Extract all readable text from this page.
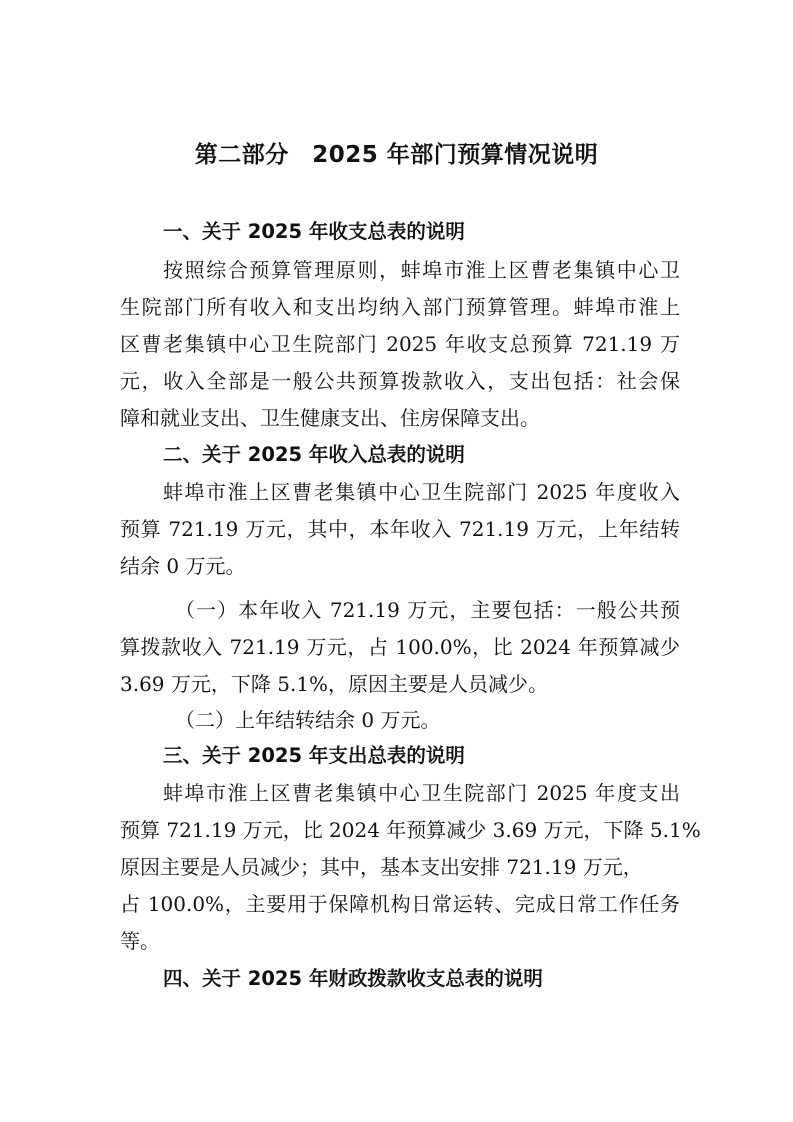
第二部分　2025 年部门预算情况说明
一、关于 2025 年收支总表的说明
按照综合预算管理原则，蚌埠市淮上区曹老集镇中心卫
生院部门所有收入和支出均纳入部门预算管理。蚌埠市淮上
区曹老集镇中心卫生院部门 2025 年收支总预算 721.19 万
元，收入全部是一般公共预算拨款收入，支出包括：社会保
障和就业支出、卫生健康支出、住房保障支出。
二、关于 2025 年收入总表的说明
蚌埠市淮上区曹老集镇中心卫生院部门 2025 年度收入
预算 721.19 万元，其中，本年收入 721.19 万元，上年结转
结余 0 万元。
（一）本年收入 721.19 万元，主要包括：一般公共预
算拨款收入 721.19 万元，占 100.0%，比 2024 年预算减少
3.69 万元，下降 5.1%，原因主要是人员减少。
（二）上年结转结余 0 万元。
三、关于 2025 年支出总表的说明
蚌埠市淮上区曹老集镇中心卫生院部门 2025 年度支出
预算 721.19 万元，比 2024 年预算减少 3.69 万元，下降 5.1%
原因主要是人员减少；其中，基本支出安排 721.19 万元，
占 100.0%，主要用于保障机构日常运转、完成日常工作任务
等。
四、关于 2025 年财政拨款收支总表的说明
